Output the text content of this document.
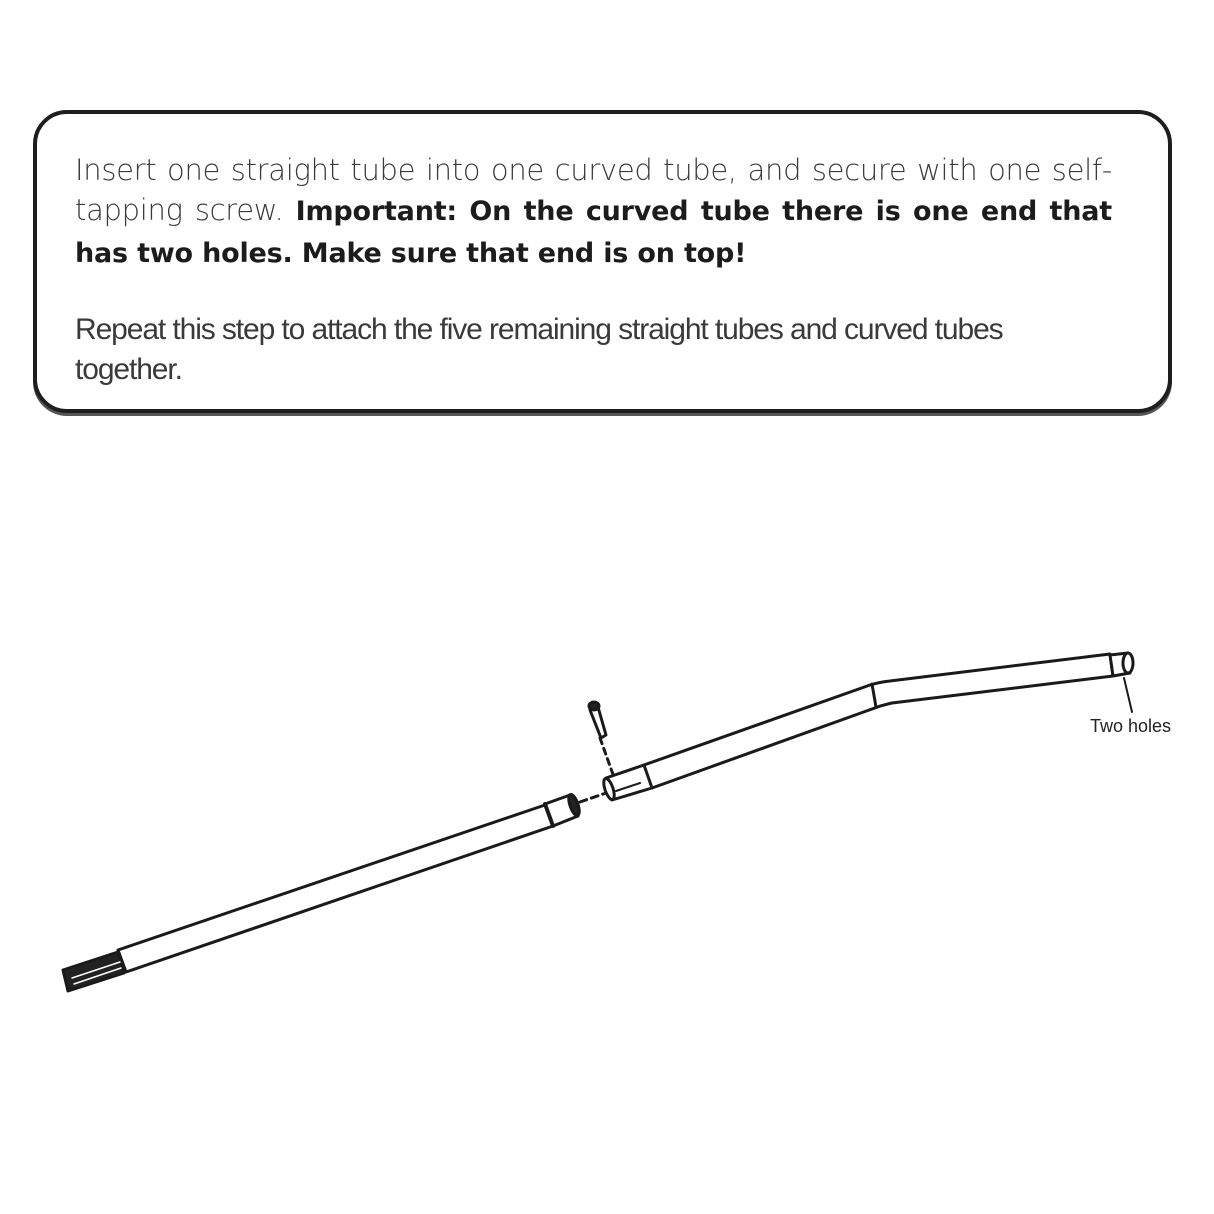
Insert one straight tube into one curved tube, and secure with one self-tapping screw. Important: On the curved tube there is one end that has two holes. Make sure that end is on top!

Repeat this step to attach the five remaining straight tubes and curved tubes together.

Two holes
